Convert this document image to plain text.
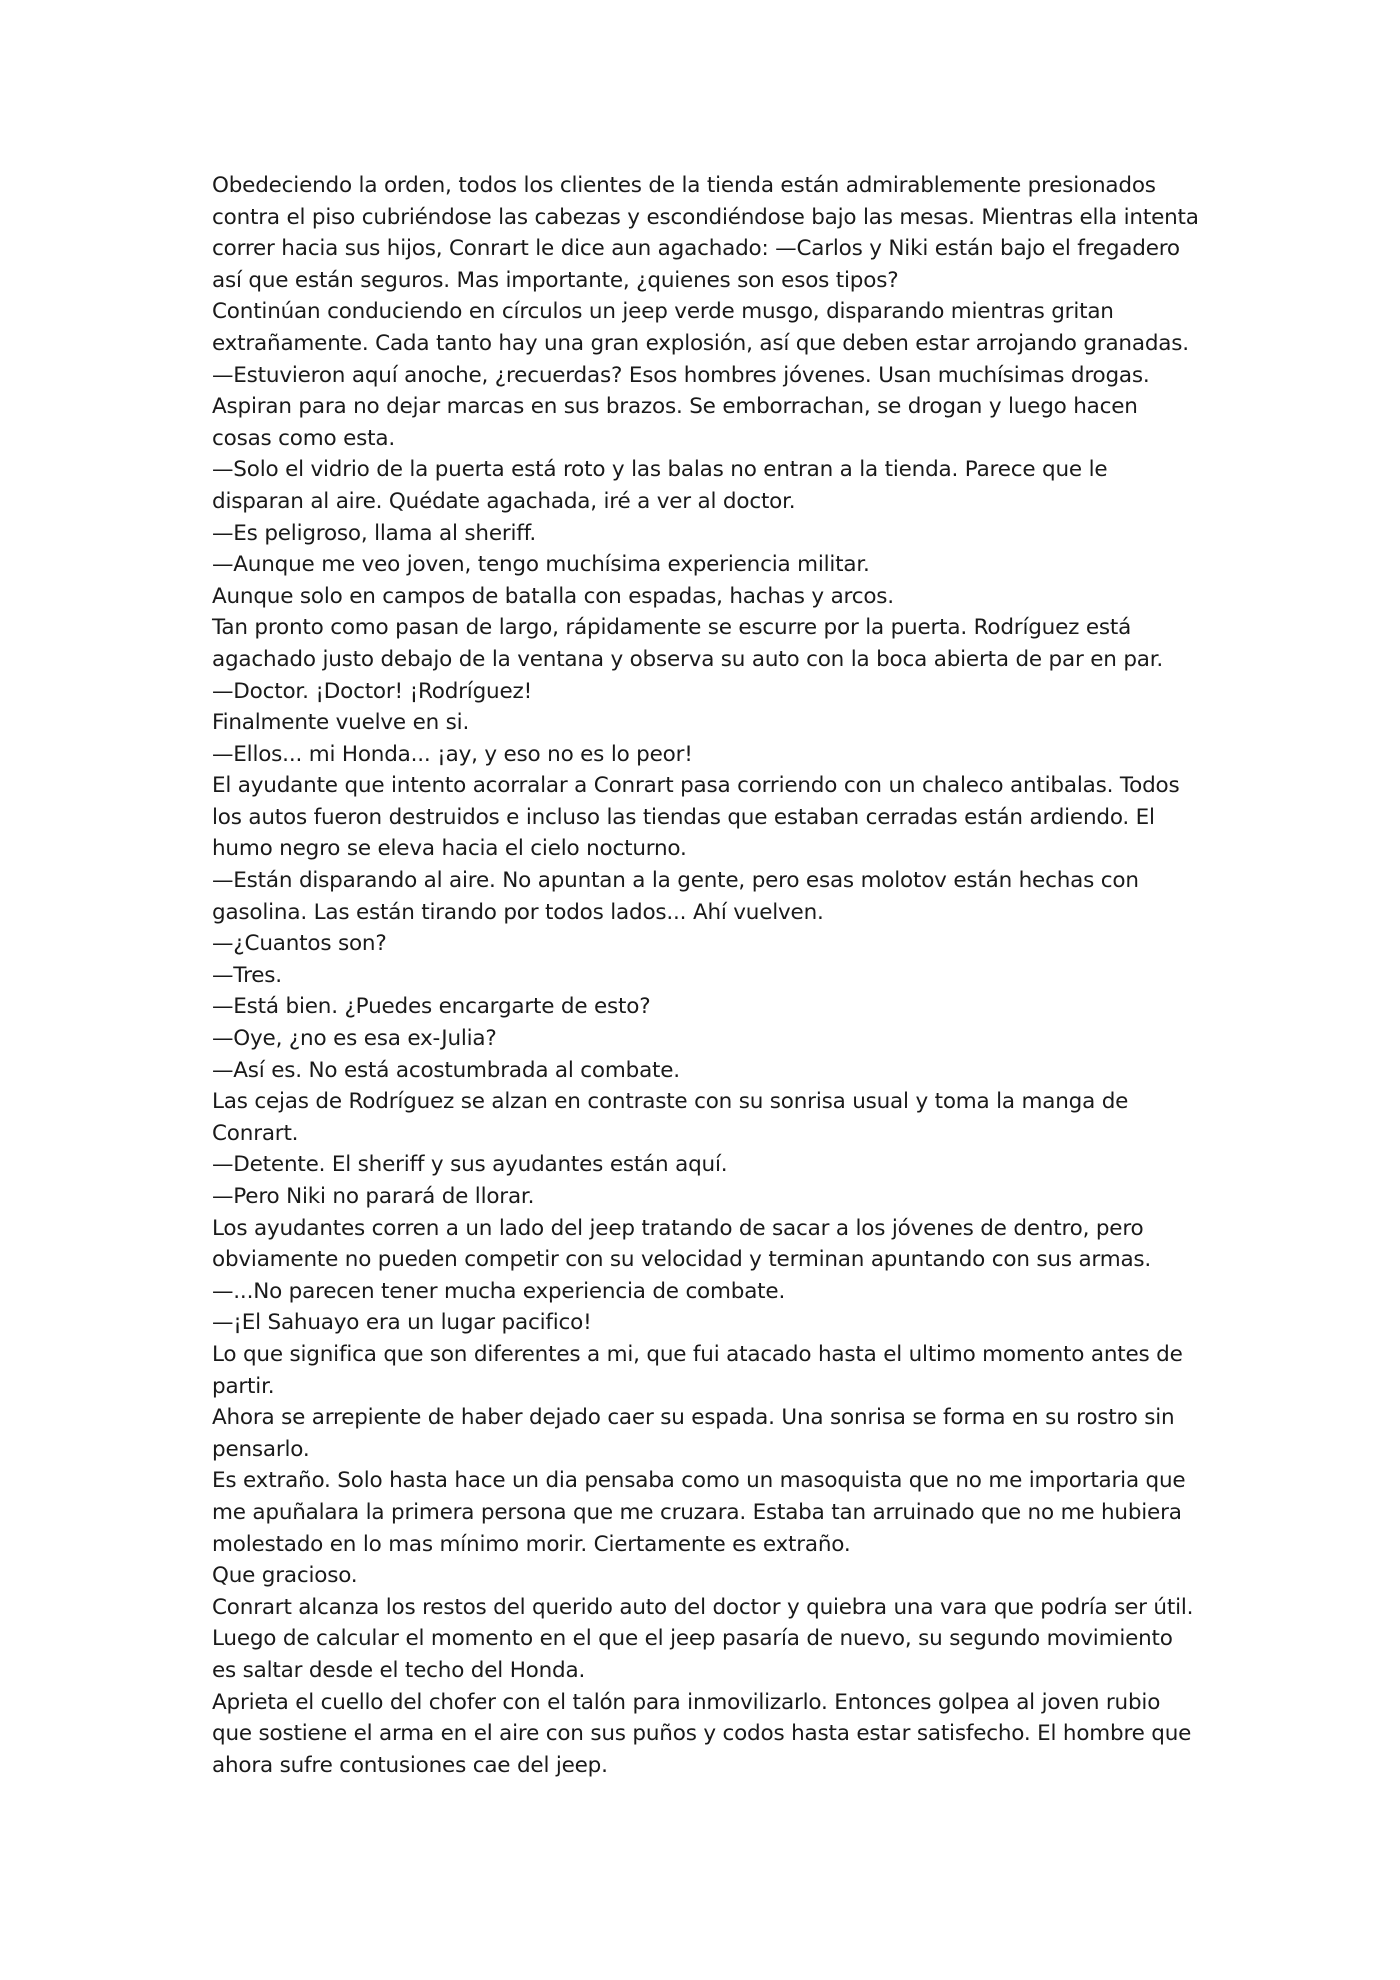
Obedeciendo la orden, todos los clientes de la tienda están admirablemente presionados contra el piso cubriéndose las cabezas y escondiéndose bajo las mesas. Mientras ella intenta correr hacia sus hijos, Conrart le dice aun agachado: —Carlos y Niki están bajo el fregadero así que están seguros. Mas importante, ¿quienes son esos tipos?

Continúan conduciendo en círculos un jeep verde musgo, disparando mientras gritan extrañamente. Cada tanto hay una gran explosión, así que deben estar arrojando granadas.

—Estuvieron aquí anoche, ¿recuerdas? Esos hombres jóvenes. Usan muchísimas drogas. Aspiran para no dejar marcas en sus brazos. Se emborrachan, se drogan y luego hacen cosas como esta.

—Solo el vidrio de la puerta está roto y las balas no entran a la tienda. Parece que le disparan al aire. Quédate agachada, iré a ver al doctor.

—Es peligroso, llama al sheriff.

—Aunque me veo joven, tengo muchísima experiencia militar.

Aunque solo en campos de batalla con espadas, hachas y arcos.

Tan pronto como pasan de largo, rápidamente se escurre por la puerta. Rodríguez está agachado justo debajo de la ventana y observa su auto con la boca abierta de par en par.

—Doctor. ¡Doctor! ¡Rodríguez!

Finalmente vuelve en si.

—Ellos... mi Honda... ¡ay, y eso no es lo peor!

El ayudante que intento acorralar a Conrart pasa corriendo con un chaleco antibalas. Todos los autos fueron destruidos e incluso las tiendas que estaban cerradas están ardiendo. El humo negro se eleva hacia el cielo nocturno.

—Están disparando al aire. No apuntan a la gente, pero esas molotov están hechas con gasolina. Las están tirando por todos lados... Ahí vuelven.

—¿Cuantos son?

—Tres.

—Está bien. ¿Puedes encargarte de esto?

—Oye, ¿no es esa ex-Julia?

—Así es. No está acostumbrada al combate.

Las cejas de Rodríguez se alzan en contraste con su sonrisa usual y toma la manga de Conrart.

—Detente. El sheriff y sus ayudantes están aquí.

—Pero Niki no parará de llorar.

Los ayudantes corren a un lado del jeep tratando de sacar a los jóvenes de dentro, pero obviamente no pueden competir con su velocidad y terminan apuntando con sus armas.

—...No parecen tener mucha experiencia de combate.

—¡El Sahuayo era un lugar pacifico!

Lo que significa que son diferentes a mi, que fui atacado hasta el ultimo momento antes de partir.

Ahora se arrepiente de haber dejado caer su espada. Una sonrisa se forma en su rostro sin pensarlo.

Es extraño. Solo hasta hace un dia pensaba como un masoquista que no me importaria que me apuñalara la primera persona que me cruzara. Estaba tan arruinado que no me hubiera molestado en lo mas mínimo morir. Ciertamente es extraño.

Que gracioso.

Conrart alcanza los restos del querido auto del doctor y quiebra una vara que podría ser útil. Luego de calcular el momento en el que el jeep pasaría de nuevo, su segundo movimiento es saltar desde el techo del Honda.

Aprieta el cuello del chofer con el talón para inmovilizarlo. Entonces golpea al joven rubio que sostiene el arma en el aire con sus puños y codos hasta estar satisfecho. El hombre que ahora sufre contusiones cae del jeep.
